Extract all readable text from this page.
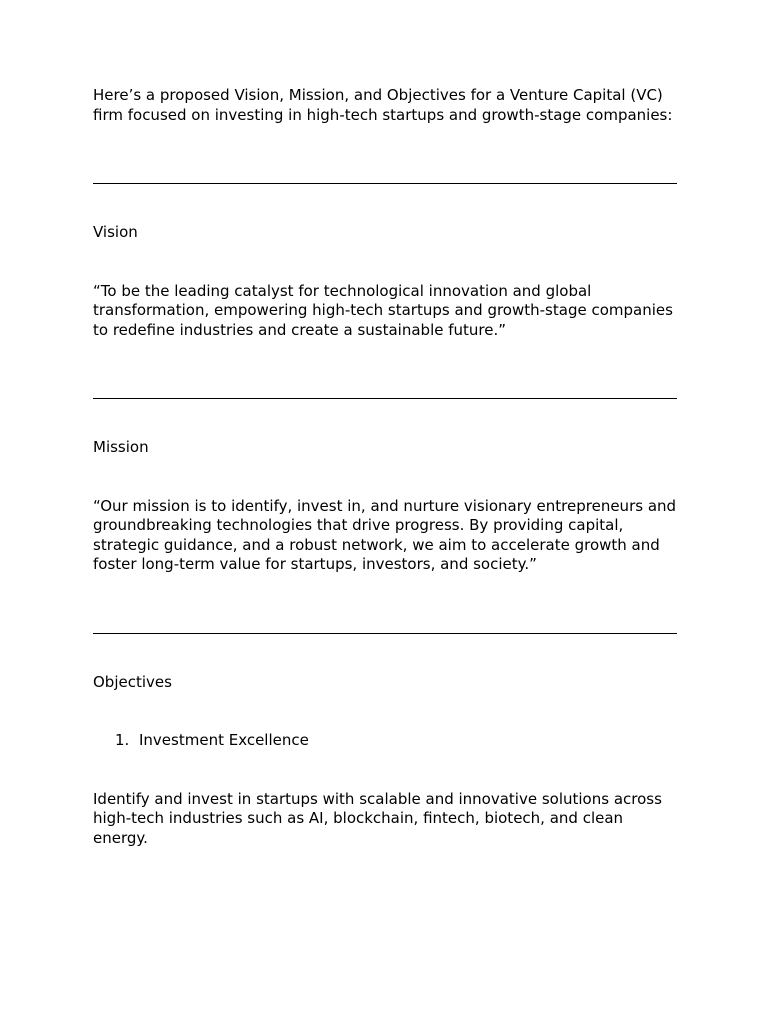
Here’s a proposed Vision, Mission, and Objectives for a Venture Capital (VC) firm focused on investing in high-tech startups and growth-stage companies:

Vision

“To be the leading catalyst for technological innovation and global transformation, empowering high-tech startups and growth-stage companies to redefine industries and create a sustainable future.”

Mission

“Our mission is to identify, invest in, and nurture visionary entrepreneurs and groundbreaking technologies that drive progress. By providing capital, strategic guidance, and a robust network, we aim to accelerate growth and foster long-term value for startups, investors, and society.”

Objectives

1. Investment Excellence

Identify and invest in startups with scalable and innovative solutions across high-tech industries such as AI, blockchain, fintech, biotech, and clean energy.
